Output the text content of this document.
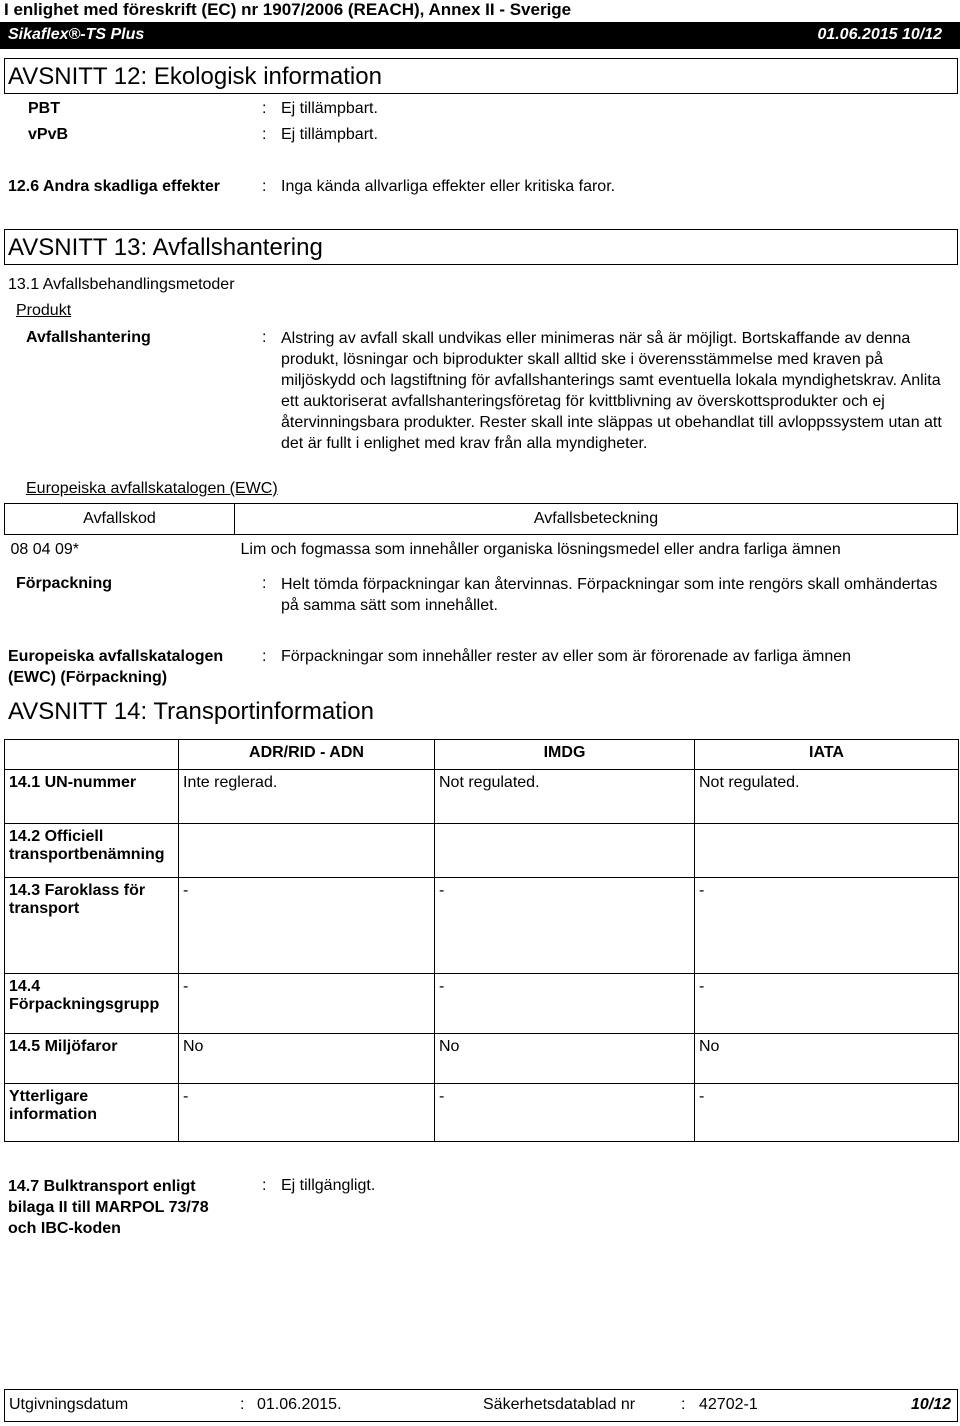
I enlighet med föreskrift (EC) nr 1907/2006 (REACH), Annex II - Sverige
Sikaflex®-TS Plus	01.06.2015 10/12
AVSNITT 12: Ekologisk information
PBT	: Ej tillämpbart.
vPvB	: Ej tillämpbart.
12.6 Andra skadliga effekter	: Inga kända allvarliga effekter eller kritiska faror.
AVSNITT 13: Avfallshantering
13.1 Avfallsbehandlingsmetoder
Produkt
Avfallshantering	: Alstring av avfall skall undvikas eller minimeras när så är möjligt. Bortskaffande av denna produkt, lösningar och biprodukter skall alltid ske i överensstämmelse med kraven på miljöskydd och lagstiftning för avfallshanterings samt eventuella lokala myndighetskrav. Anlita ett auktoriserat avfallshanteringsföretag för kvittblivning av överskottsprodukter och ej återvinningsbara produkter. Rester skall inte släppas ut obehandlat till avloppssystem utan att det är fullt i enlighet med krav från alla myndigheter.
Europeiska avfallskatalogen (EWC)
Avfallskod	Avfallsbeteckning
08 04 09*	Lim och fogmassa som innehåller organiska lösningsmedel eller andra farliga ämnen
Förpackning	: Helt tömda förpackningar kan återvinnas. Förpackningar som inte rengörs skall omhändertas på samma sätt som innehållet.
Europeiska avfallskatalogen
(EWC) (Förpackning)
: Förpackningar som innehåller rester av eller som är förorenade av farliga ämnen
AVSNITT 14: Transportinformation
	ADR/RID - ADN	IMDG	IATA
14.1 UN-nummer	Inte reglerad.	Not regulated.	Not regulated.
14.2 Officiell transportbenämning			
14.3 Faroklass för transport	-	-	-
14.4 Förpackningsgrupp	-	-	-
14.5 Miljöfaror	No	No	No
Ytterligare information	-	-	-
14.7 Bulktransport enligt bilaga II till MARPOL 73/78 och IBC-koden
: Ej tillgängligt.
Utgivningsdatum	: 01.06.2015.	Säkerhetsdatablad nr	: 42702-1	10/12
